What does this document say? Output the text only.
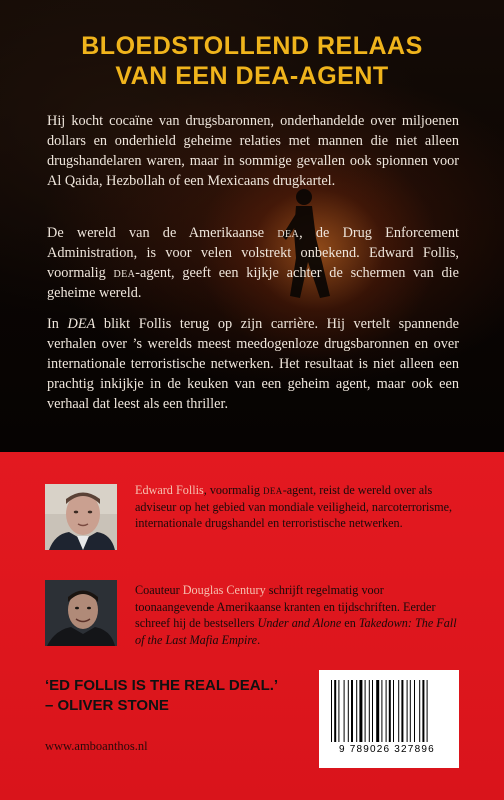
BLOEDSTOLLEND RELAAS
VAN EEN DEA-AGENT

Hij kocht cocaïne van drugsbaronnen, onderhandelde over miljoenen dollars en onderhield geheime relaties met mannen die niet alleen drugshandelaren waren, maar in sommige gevallen ook spionnen voor Al Qaida, Hezbollah of een Mexicaans drugkartel.

De wereld van de Amerikaanse dea, de Drug Enforcement Administration, is voor velen volstrekt onbekend. Edward Follis, voormalig dea-agent, geeft een kijkje achter de schermen van die geheime wereld.

In DEA blikt Follis terug op zijn carrière. Hij vertelt spannende verhalen over ’s werelds meest meedogenloze drugsbaronnen en over internationale terroristische netwerken. Het resultaat is niet alleen een prachtig inkijkje in de keuken van een geheim agent, maar ook een verhaal dat leest als een thriller.

Edward Follis, voormalig dea-agent, reist de wereld over als adviseur op het gebied van mondiale veiligheid, narcoterrorisme, internationale drugshandel en terroristische netwerken.

Coauteur Douglas Century schrijft regelmatig voor toonaangevende Amerikaanse kranten en tijdschriften. Eerder schreef hij de bestsellers Under and Alone en Takedown: The Fall of the Last Mafia Empire.

‘ED FOLLIS IS THE REAL DEAL.’

– OLIVER STONE

www.amboanthos.nl	9 789026 327896
